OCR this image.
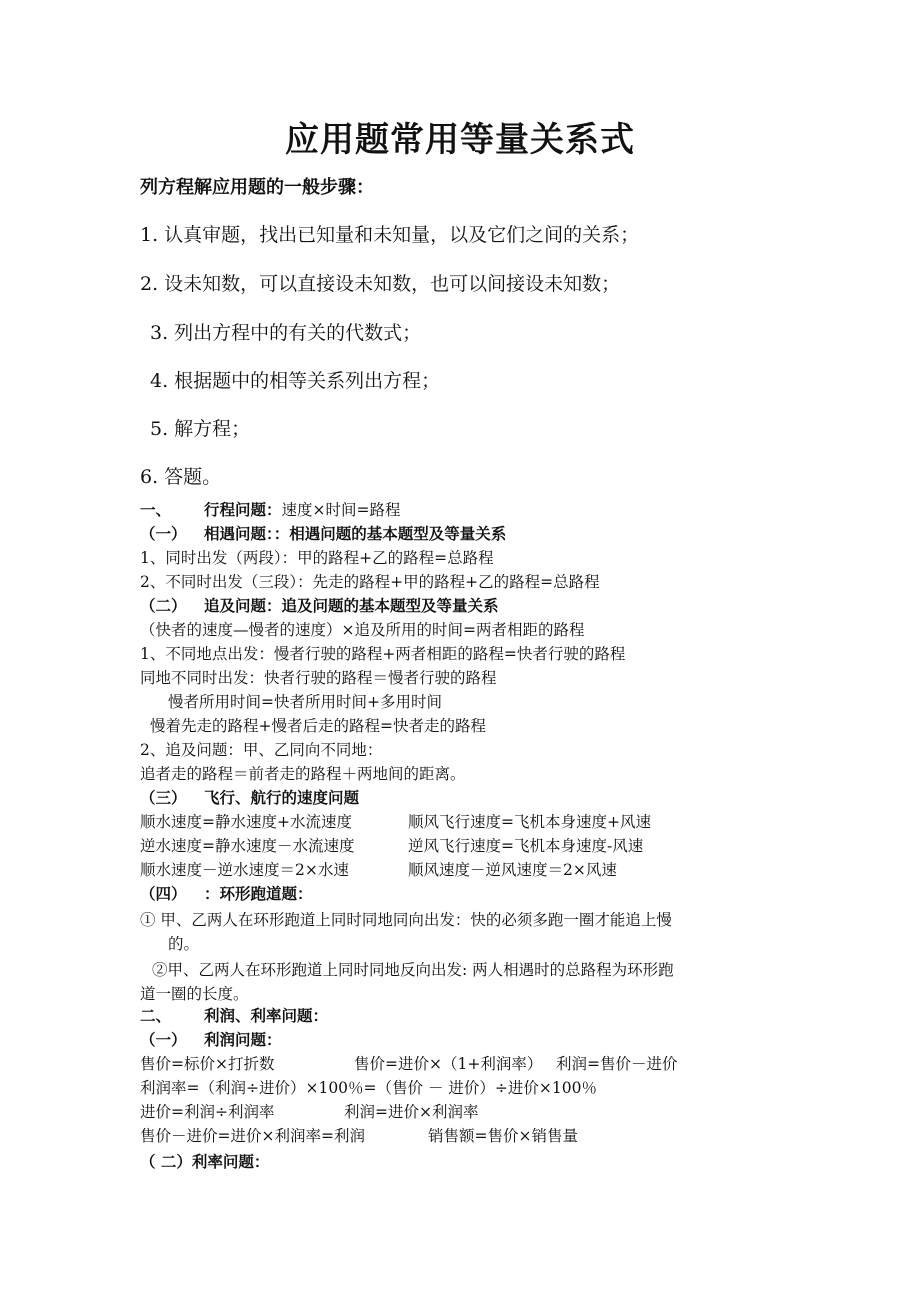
应用题常用等量关系式
列方程解应用题的一般步骤：
1. 认真审题，找出已知量和未知量，以及它们之间的关系；
2. 设未知数，可以直接设未知数，也可以间接设未知数；
3. 列出方程中的有关的代数式；
4. 根据题中的相等关系列出方程；
5. 解方程；
6. 答题。
一、 行程问题：速度×时间=路程
（一） 相遇问题：：相遇问题的基本题型及等量关系
1、同时出发（两段）：甲的路程+乙的路程=总路程
2、不同时出发（三段）：先走的路程+甲的路程+乙的路程=总路程
（二） 追及问题：追及问题的基本题型及等量关系
（快者的速度—慢者的速度）×追及所用的时间=两者相距的路程
1、不同地点出发：慢者行驶的路程+两者相距的路程=快者行驶的路程
同地不同时出发：快者行驶的路程＝慢者行驶的路程
慢者所用时间=快者所用时间+多用时间
慢着先走的路程+慢者后走的路程=快者走的路程
2、追及问题：甲、乙同向不同地：
追者走的路程＝前者走的路程＋两地间的距离。
（三） 飞行、航行的速度问题
顺水速度=静水速度+水流速度	顺风飞行速度=飞机本身速度+风速
逆水速度=静水速度－水流速度	逆风飞行速度=飞机本身速度-风速
顺水速度－逆水速度＝2×水速	顺风速度－逆风速度＝2×风速
（四） ：环形跑道题：
① 甲、乙两人在环形跑道上同时同地同向出发：快的必须多跑一圈才能追上慢
的。
②甲、乙两人在环形跑道上同时同地反向出发: 两人相遇时的总路程为环形跑
道一圈的长度。
二、 利润、利率问题：
（一） 利润问题：
售价=标价×打折数	售价=进价×（1+利润率） 利润=售价－进价
利润率=（利润÷进价）×100％=（售价 － 进价）÷进价×100％
进价=利润÷利润率	利润=进价×利润率
售价－进价=进价×利润率=利润	销售额=售价×销售量
（ 二）利率问题：
